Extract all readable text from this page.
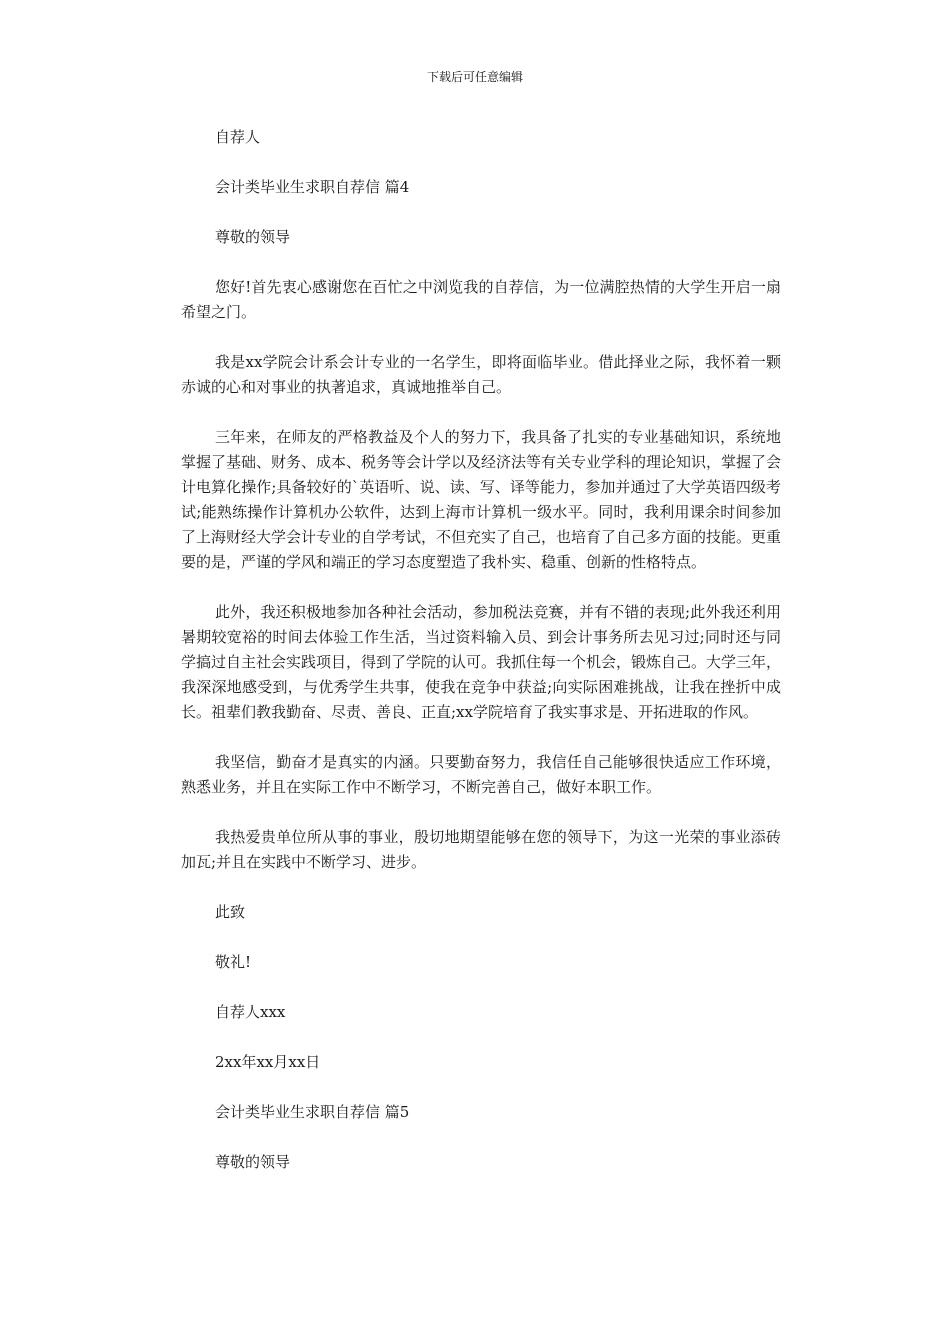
下载后可任意编辑

自荐人

会计类毕业生求职自荐信 篇4

尊敬的领导

您好!首先衷心感谢您在百忙之中浏览我的自荐信，为一位满腔热情的大学生开启一扇希望之门。

我是xx学院会计系会计专业的一名学生，即将面临毕业。借此择业之际，我怀着一颗赤诚的心和对事业的执著追求，真诚地推举自己。

三年来，在师友的严格教益及个人的努力下，我具备了扎实的专业基础知识，系统地掌握了基础、财务、成本、税务等会计学以及经济法等有关专业学科的理论知识，掌握了会计电算化操作;具备较好的`英语听、说、读、写、译等能力，参加并通过了大学英语四级考试;能熟练操作计算机办公软件，达到上海市计算机一级水平。同时，我利用课余时间参加了上海财经大学会计专业的自学考试，不但充实了自己，也培育了自己多方面的技能。更重要的是，严谨的学风和端正的学习态度塑造了我朴实、稳重、创新的性格特点。

此外，我还积极地参加各种社会活动，参加税法竞赛，并有不错的表现;此外我还利用暑期较宽裕的时间去体验工作生活，当过资料输入员、到会计事务所去见习过;同时还与同学搞过自主社会实践项目，得到了学院的认可。我抓住每一个机会，锻炼自己。大学三年，我深深地感受到，与优秀学生共事，使我在竞争中获益;向实际困难挑战，让我在挫折中成长。祖辈们教我勤奋、尽责、善良、正直;xx学院培育了我实事求是、开拓进取的作风。

我坚信，勤奋才是真实的内涵。只要勤奋努力，我信任自己能够很快适应工作环境，熟悉业务，并且在实际工作中不断学习，不断完善自己，做好本职工作。

我热爱贵单位所从事的事业，殷切地期望能够在您的领导下，为这一光荣的事业添砖加瓦;并且在实践中不断学习、进步。

此致

敬礼!

自荐人xxx

2xx年xx月xx日

会计类毕业生求职自荐信 篇5

尊敬的领导
